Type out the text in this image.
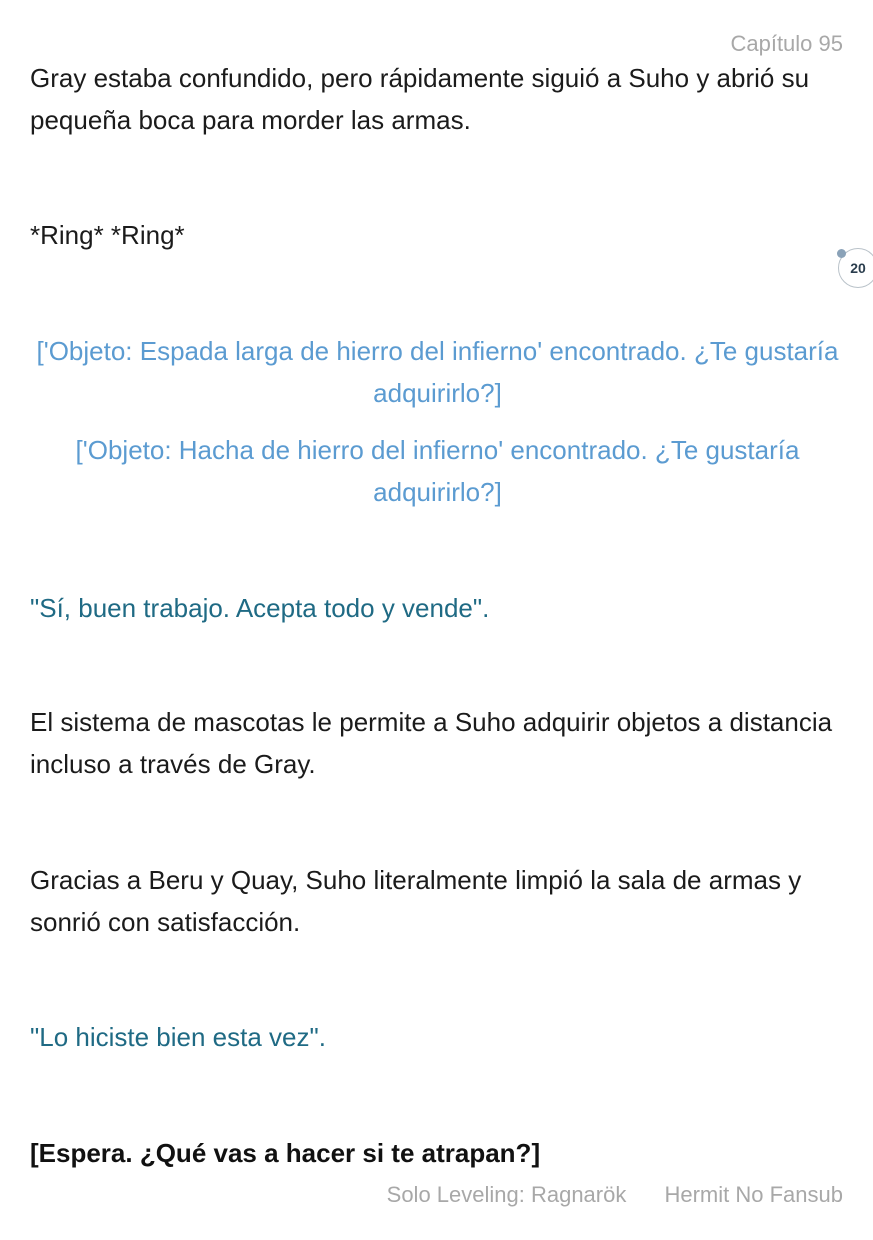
Capítulo 95
Gray estaba confundido, pero rápidamente siguió a Suho y abrió su pequeña boca para morder las armas.
*Ring* *Ring*
['Objeto: Espada larga de hierro del infierno' encontrado. ¿Te gustaría adquirirlo?]
['Objeto: Hacha de hierro del infierno' encontrado. ¿Te gustaría adquirirlo?]
"Sí, buen trabajo. Acepta todo y vende".
El sistema de mascotas le permite a Suho adquirir objetos a distancia incluso a través de Gray.
Gracias a Beru y Quay, Suho literalmente limpió la sala de armas y sonrió con satisfacción.
"Lo hiciste bien esta vez".
[Espera. ¿Qué vas a hacer si te atrapan?]
20
Solo Leveling: Ragnarök Hermit No Fansub
